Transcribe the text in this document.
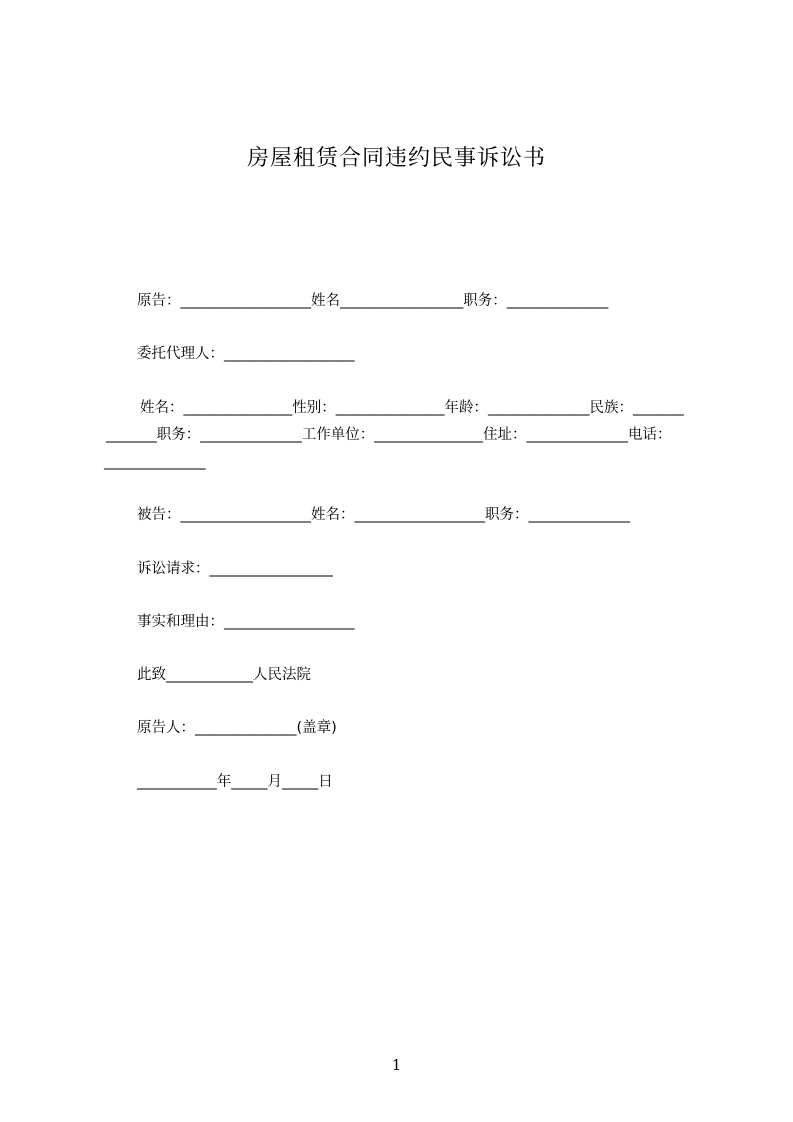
房屋租赁合同违约民事诉讼书
原告：__________________姓名_________________职务：______________
委托代理人：__________________
姓名：_______________性别：_______________年龄：______________民族：_______
_______职务：______________工作单位：_______________住址：______________电话：
______________
被告：__________________姓名：__________________职务：______________
诉讼请求：_________________
事实和理由：__________________
此致____________人民法院
原告人：______________(盖章)
___________年_____月_____日
1
